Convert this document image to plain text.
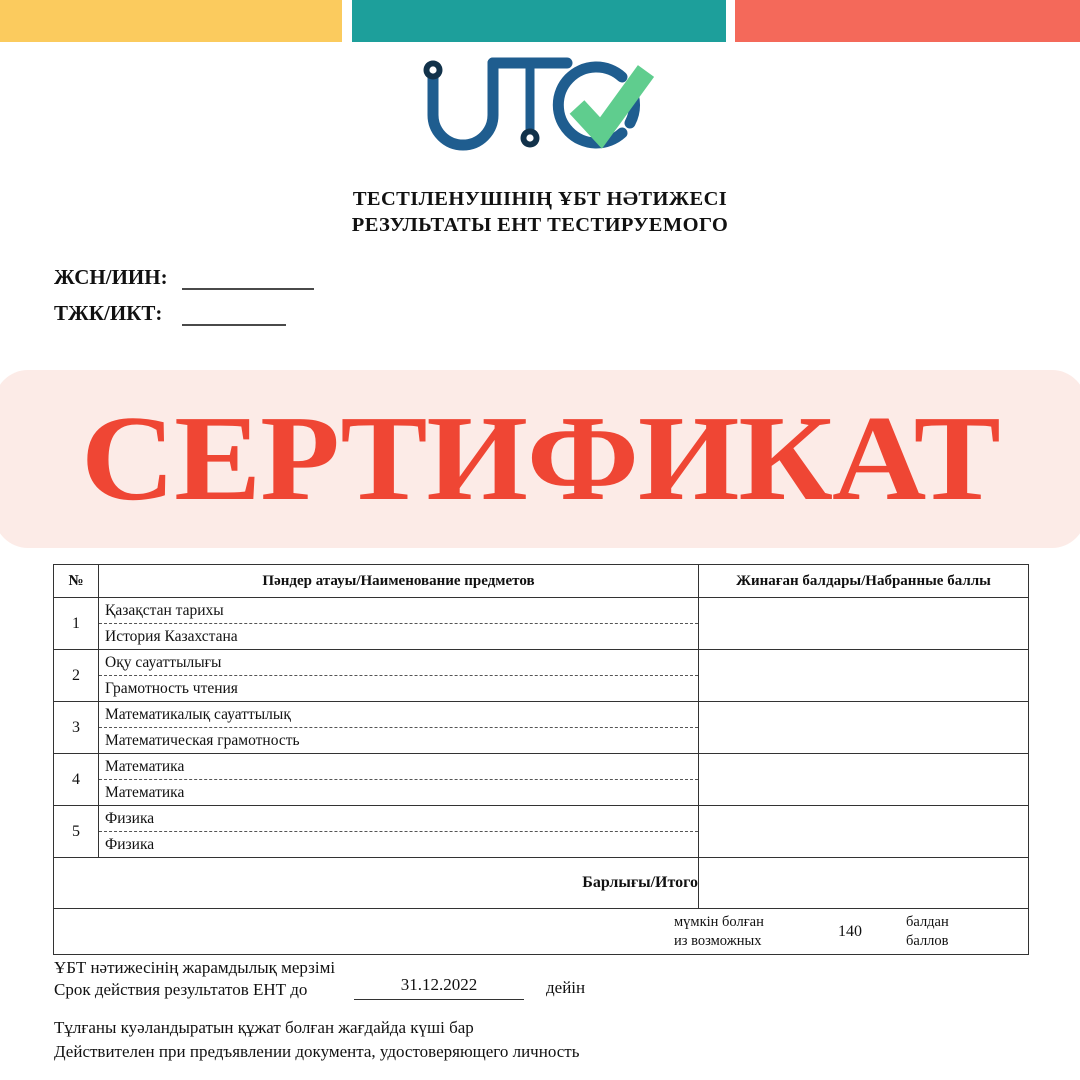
ТЕСТІЛЕНУШІНІҢ ҰБТ НӘТИЖЕСІ
РЕЗУЛЬТАТЫ ЕНТ ТЕСТИРУЕМОГО
ЖСН/ИИН:
ТЖК/ИКТ:
СЕРТИФИКАТ
№	Пәндер атауы/Наименование предметов	Жинаған балдары/Набранные баллы
1	Қазақстан тарихы
История Казахстана	

2	Оқу сауаттылығы
Грамотность чтения	

3	Математикалық сауаттылық
Математическая грамотность	

4	Математика
Математика	

5	Физика
Физика	

Барлығы/Итого		

мүмкін болған
из возможных
140
балдан
баллов		
ҰБТ нәтижесінің жарамдылық мерзімі
Срок действия результатов ЕНТ до	31.12.2022	дейін
Тұлғаны куәландыратын құжат болған жағдайда күші бар
Действителен при предъявлении документа, удостоверяющего личность
